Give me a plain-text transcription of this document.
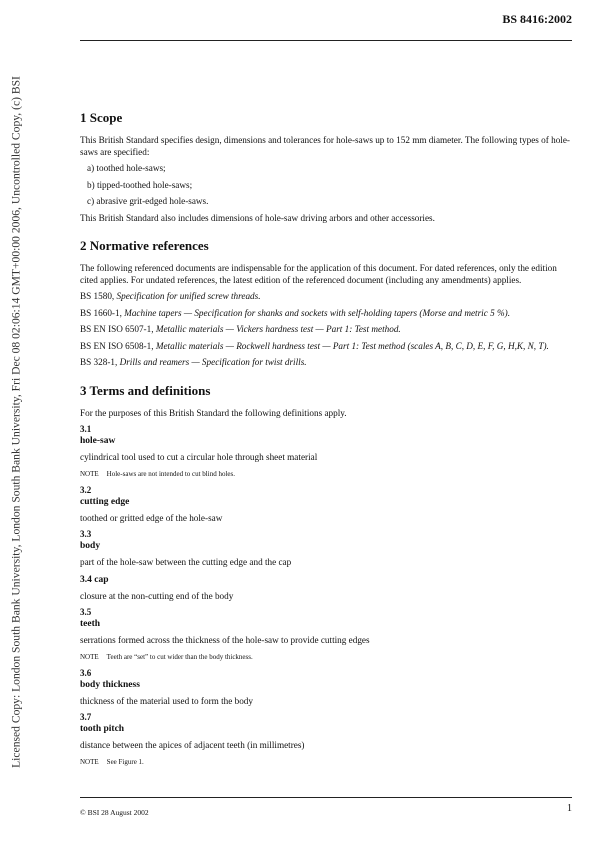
Licensed Copy: London South Bank University, London South Bank University, Fri Dec 08 02:06:14 GMT+00:00 2006, Uncontrolled Copy, (c) BSI
BS 8416:2002
1 Scope

This British Standard specifies design, dimensions and tolerances for hole-saws up to 152 mm diameter. The following types of hole-saws are specified:

a) toothed hole-saws;
b) tipped-toothed hole-saws;
c) abrasive grit-edged hole-saws.

This British Standard also includes dimensions of hole-saw driving arbors and other accessories.

2 Normative references

The following referenced documents are indispensable for the application of this document. For dated references, only the edition cited applies. For undated references, the latest edition of the referenced document (including any amendments) applies.

BS 1580, Specification for unified screw threads.

BS 1660-1, Machine tapers — Specification for shanks and sockets with self-holding tapers (Morse and metric 5 %).

BS EN ISO 6507-1, Metallic materials — Vickers hardness test — Part 1: Test method.

BS EN ISO 6508-1, Metallic materials — Rockwell hardness test — Part 1: Test method (scales A, B, C, D, E, F, G, H,K, N, T).

BS 328-1, Drills and reamers — Specification for twist drills.

3 Terms and definitions

For the purposes of this British Standard the following definitions apply.

3.1
hole-saw
cylindrical tool used to cut a circular hole through sheet material
NOTE Hole-saws are not intended to cut blind holes.
3.2
cutting edge
toothed or gritted edge of the hole-saw
3.3
body
part of the hole-saw between the cutting edge and the cap
3.4 cap
closure at the non-cutting end of the body
3.5
teeth
serrations formed across the thickness of the hole-saw to provide cutting edges
NOTE Teeth are “set” to cut wider than the body thickness.
3.6
body thickness
thickness of the material used to form the body
3.7
tooth pitch
distance between the apices of adjacent teeth (in millimetres)
NOTE See Figure 1.
© BSI 28 August 2002	1
